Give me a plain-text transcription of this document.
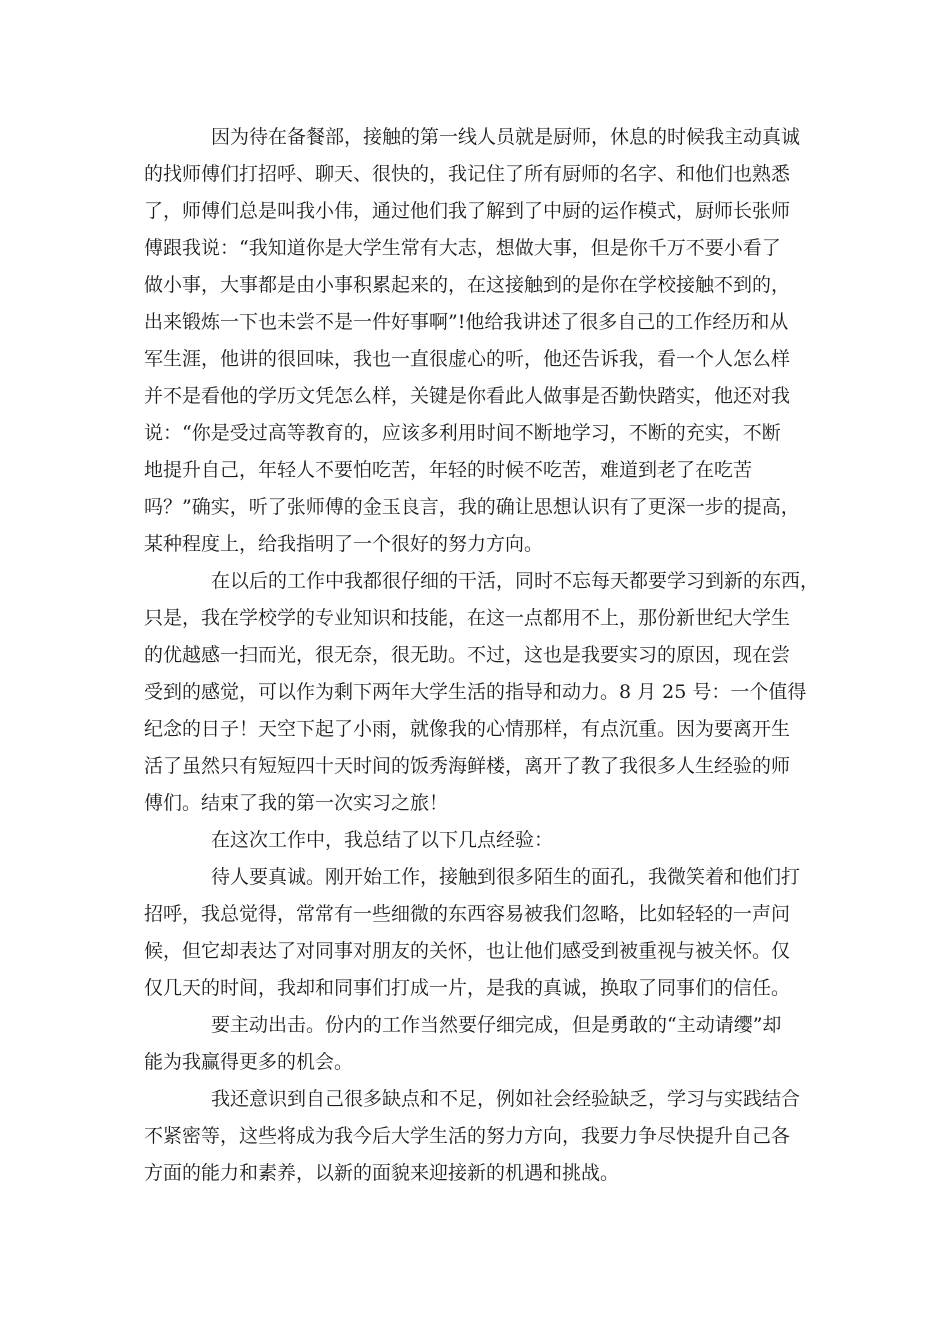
因为待在备餐部，接触的第一线人员就是厨师，休息的时候我主动真诚
的找师傅们打招呼、聊天、很快的，我记住了所有厨师的名字、和他们也熟悉
了，师傅们总是叫我小伟，通过他们我了解到了中厨的运作模式，厨师长张师
傅跟我说：“我知道你是大学生常有大志，想做大事，但是你千万不要小看了
做小事，大事都是由小事积累起来的，在这接触到的是你在学校接触不到的，
出来锻炼一下也未尝不是一件好事啊”!他给我讲述了很多自己的工作经历和从
军生涯，他讲的很回味，我也一直很虚心的听，他还告诉我，看一个人怎么样
并不是看他的学历文凭怎么样，关键是你看此人做事是否勤快踏实，他还对我
说：“你是受过高等教育的，应该多利用时间不断地学习，不断的充实，不断
地提升自己，年轻人不要怕吃苦，年轻的时候不吃苦，难道到老了在吃苦
吗？”确实，听了张师傅的金玉良言，我的确让思想认识有了更深一步的提高，
某种程度上，给我指明了一个很好的努力方向。
在以后的工作中我都很仔细的干活，同时不忘每天都要学习到新的东西，
只是，我在学校学的专业知识和技能，在这一点都用不上，那份新世纪大学生
的优越感一扫而光，很无奈，很无助。不过，这也是我要实习的原因，现在尝
受到的感觉，可以作为剩下两年大学生活的指导和动力。8 月 25 号：一个值得
纪念的日子！天空下起了小雨，就像我的心情那样，有点沉重。因为要离开生
活了虽然只有短短四十天时间的饭秀海鲜楼，离开了教了我很多人生经验的师
傅们。结束了我的第一次实习之旅！
在这次工作中，我总结了以下几点经验：
待人要真诚。刚开始工作，接触到很多陌生的面孔，我微笑着和他们打
招呼，我总觉得，常常有一些细微的东西容易被我们忽略，比如轻轻的一声问
候，但它却表达了对同事对朋友的关怀，也让他们感受到被重视与被关怀。仅
仅几天的时间，我却和同事们打成一片，是我的真诚，换取了同事们的信任。
要主动出击。份内的工作当然要仔细完成，但是勇敢的“主动请缨”却
能为我赢得更多的机会。
我还意识到自己很多缺点和不足，例如社会经验缺乏，学习与实践结合
不紧密等，这些将成为我今后大学生活的努力方向，我要力争尽快提升自己各
方面的能力和素养，以新的面貌来迎接新的机遇和挑战。
